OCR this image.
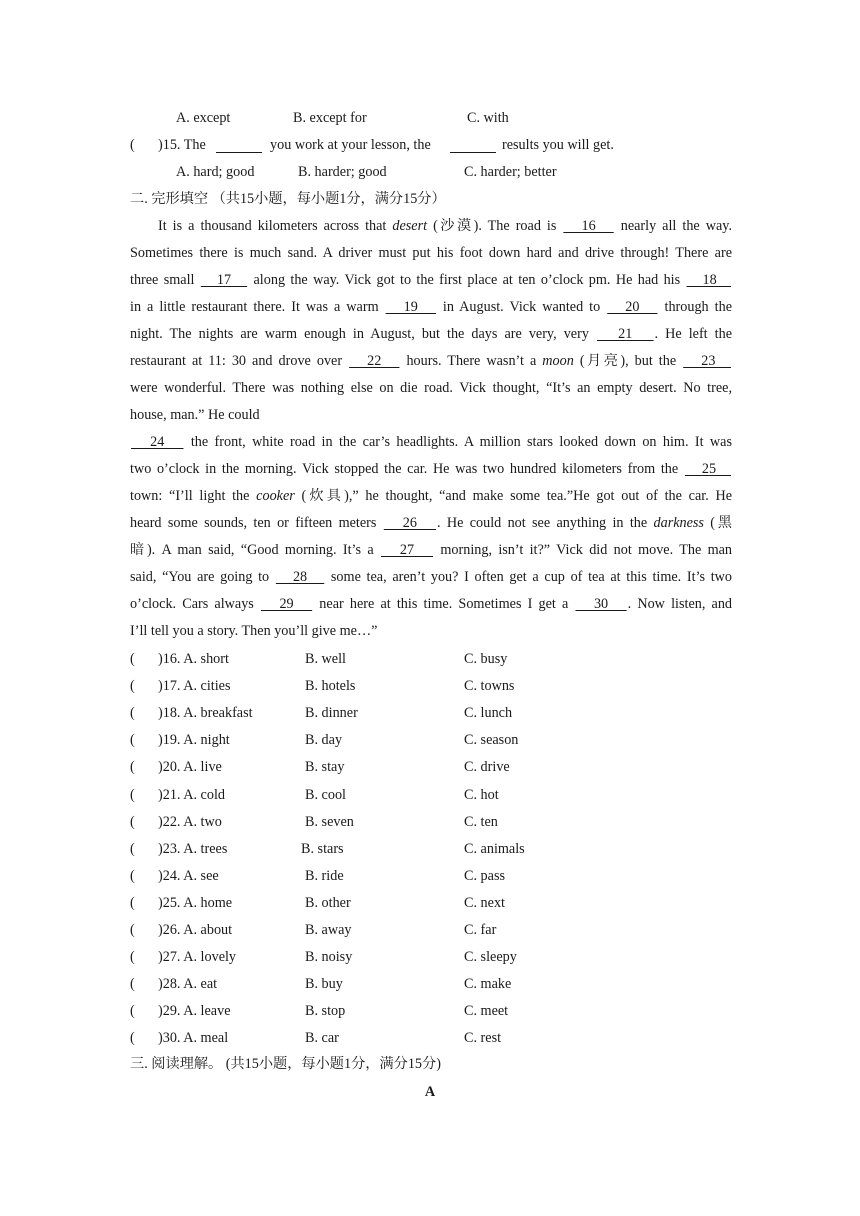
A. except	B. except for	C. with
( )15. The	you work at your lesson, the	results you will get.
A. hard; good	B. harder; good	C. harder; better
二. 完形填空 （共15小题，每小题1分，满分15分）
It is a thousand kilometers across that desert (沙漠). The road is    16    nearly all the way.
Sometimes there is much sand. A driver must put his foot down hard and drive through! There are
three small    17    along the way. Vick got to the first place at ten o’clock pm. He had his    18
in a little restaurant there. It was a warm    19    in August. Vick wanted to    20    through the
night. The nights are warm enough in August, but the days are very, very    21   . He left the
restaurant at 11: 30 and drove over    22    hours. There wasn’t a moon (月亮), but the    23
were wonderful. There was nothing else on die road. Vick thought, “It’s an empty desert. No tree,
house, man.” He could
24    the front, white road in the car’s headlights. A million stars looked down on him. It was
two o’clock in the morning. Vick stopped the car. He was two hundred kilometers from the    25
town: “I’ll light the cooker (炊具),” he thought, “and make some tea.”He got out of the car. He
heard some sounds, ten or fifteen meters    26   . He could not see anything in the darkness (黑
暗). A man said, “Good morning. It’s a    27    morning, isn’t it?” Vick did not move. The man
said, “You are going to    28    some tea, aren’t you? I often get a cup of tea at this time. It’s two
o’clock. Cars always    29    near here at this time. Sometimes I get a    30   . Now listen, and
I’ll tell you a story. Then you’ll give me…”
( )16. A. short	B. well	C. busy
( )17. A. cities	B. hotels	C. towns
( )18. A. breakfast	B. dinner	C. lunch
( )19. A. night	B. day	C. season
( )20. A. live	B. stay	C. drive
( )21. A. cold	B. cool	C. hot
( )22. A. two	B. seven	C. ten
( )23. A. trees	B. stars	C. animals
( )24. A. see	B. ride	C. pass
( )25. A. home	B. other	C. next
( )26. A. about	B. away	C. far
( )27. A. lovely	B. noisy	C. sleepy
( )28. A. eat	B. buy	C. make
( )29. A. leave	B. stop	C. meet
( )30. A. meal	B. car	C. rest
三. 阅读理解。 (共15小题，每小题1分，满分15分)
A
